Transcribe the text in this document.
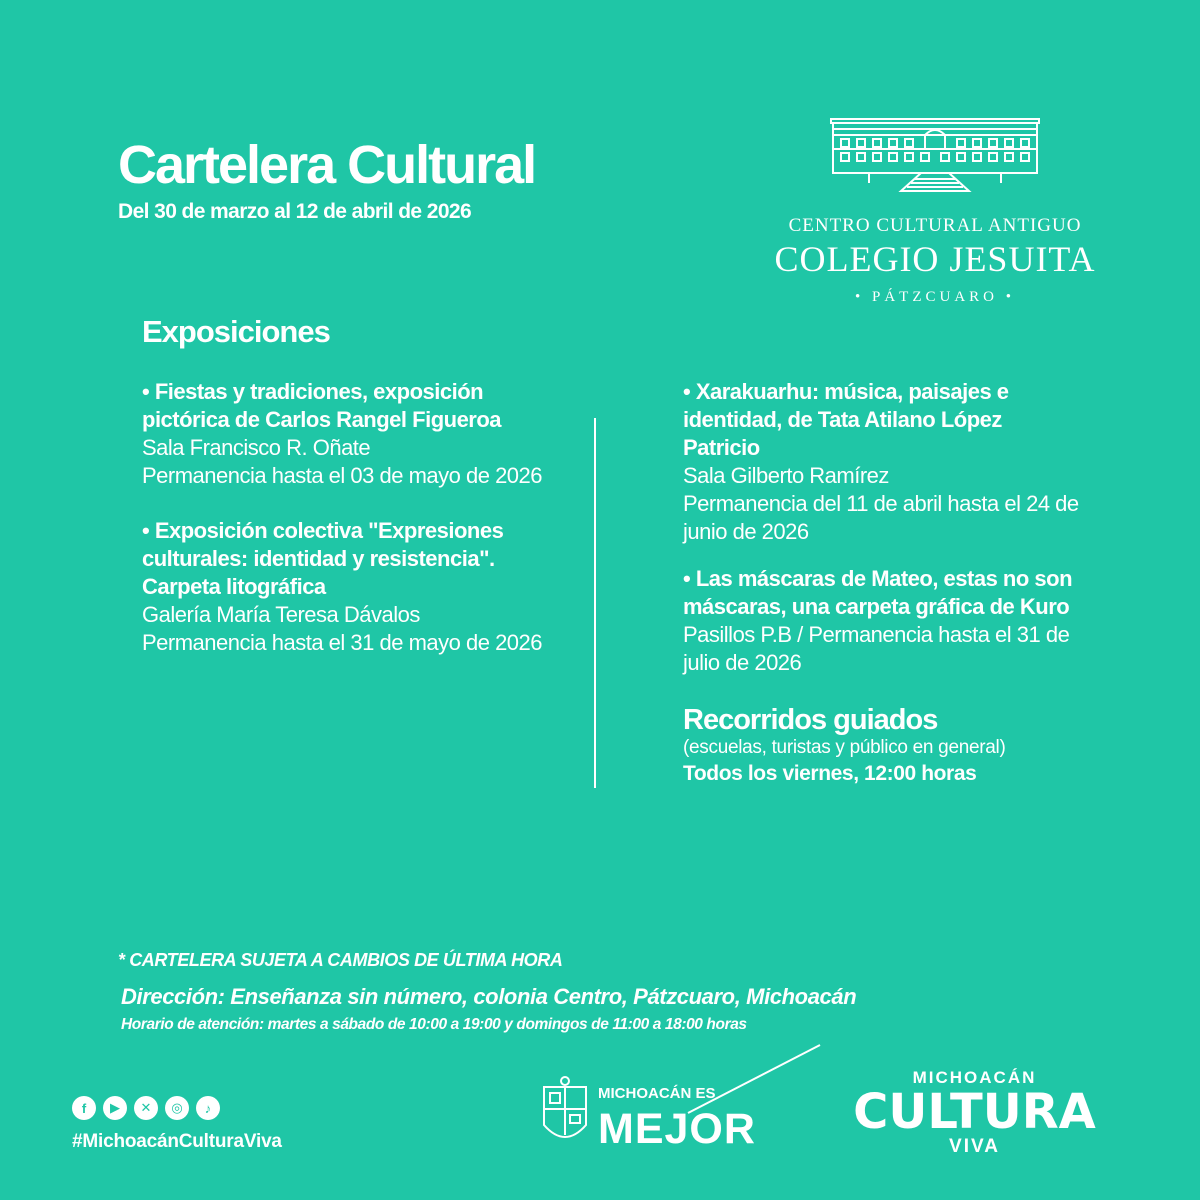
Cartelera Cultural
Del 30 de marzo al 12 de abril de 2026
CENTRO CULTURAL ANTIGUO
COLEGIO JESUITA
• PÁTZCUARO •
Exposiciones
• Fiestas y tradiciones, exposición pictórica de Carlos Rangel Figueroa
Sala Francisco R. Oñate
Permanencia hasta el 03 de mayo de 2026
• Exposición colectiva "Expresiones culturales: identidad y resistencia". Carpeta litográfica
Galería María Teresa Dávalos
Permanencia hasta el 31 de mayo de 2026
• Xarakuarhu: música, paisajes e identidad, de Tata Atilano López Patricio
Sala Gilberto Ramírez
Permanencia del 11 de abril hasta el 24 de junio de 2026
• Las máscaras de Mateo, estas no son máscaras, una carpeta gráfica de Kuro
Pasillos P.B / Permanencia hasta el 31 de julio de 2026
Recorridos guiados
(escuelas, turistas y público en general)
Todos los viernes, 12:00 horas
* CARTELERA SUJETA A CAMBIOS DE ÚLTIMA HORA
Dirección: Enseñanza sin número, colonia Centro, Pátzcuaro, Michoacán
Horario de atención: martes a sábado de 10:00 a 19:00 y domingos de 11:00 a 18:00 horas
f	▶	✕	◎	♪
#MichoacánCulturaViva
MICHOACÁN ES
MEJOR
MICHOACÁN
CULTURA
VIVA
